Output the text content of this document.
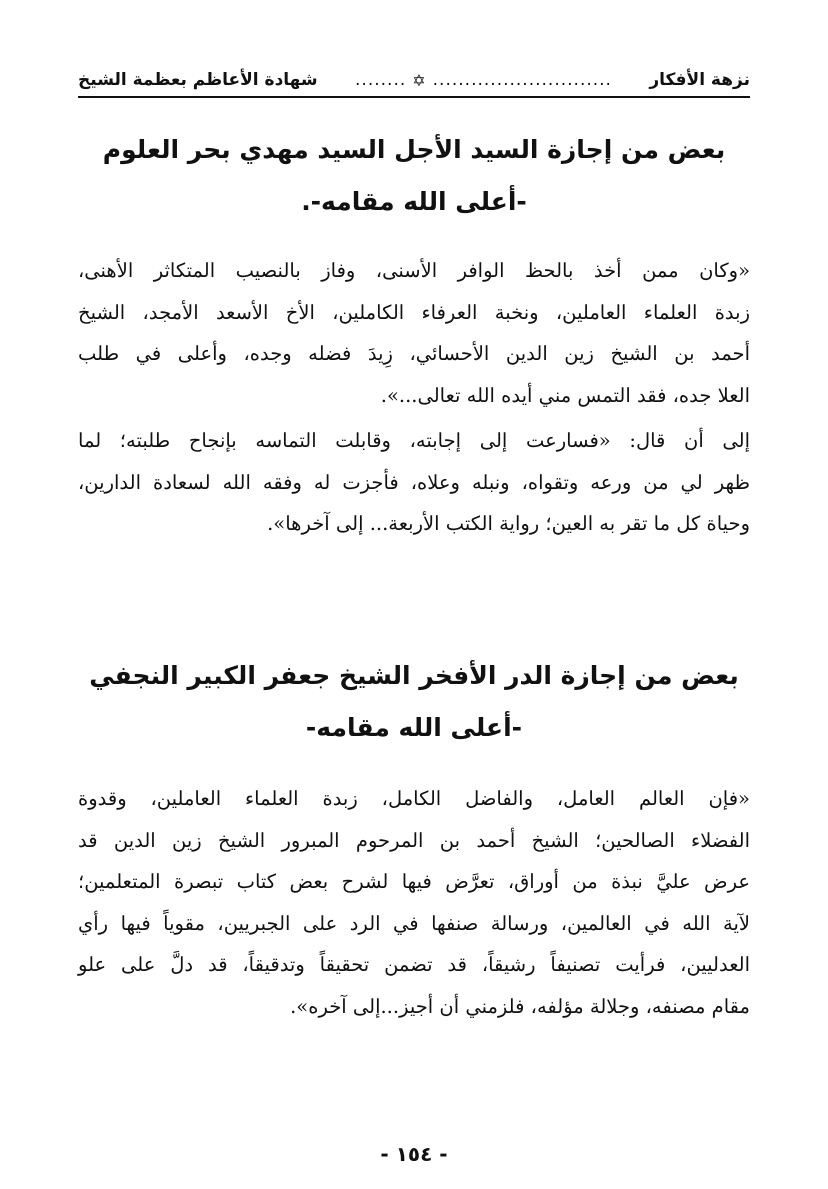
نزهة الأفكار
............................
✡
........
شهادة الأعاظم بعظمة الشيخ
بعض من إجازة السيد الأجل السيد مهدي بحر العلوم
-أعلى الله مقامه-.

«وكان ممن أخذ بالحظ الوافر الأسنى، وفاز بالنصيب المتكاثر الأهنى،
زبدة العلماء العاملين، ونخبة العرفاء الكاملين، الأخ الأسعد الأمجد، الشيخ
أحمد بن الشيخ زين الدين الأحسائي، زِيدَ فضله وجده، وأعلى في طلب
العلا جده، فقد التمس مني أيده الله تعالى...».

إلى أن قال: «فسارعت إلى إجابته، وقابلت التماسه بإنجاح طلبته؛ لما
ظهر لي من ورعه وتقواه، ونبله وعلاه، فأجزت له وفقه الله لسعادة الدارين،
وحياة كل ما تقر به العين؛ رواية الكتب الأربعة... إلى آخرها».

بعض من إجازة الدر الأفخر الشيخ جعفر الكبير النجفي
-أعلى الله مقامه-

«فإن العالم العامل، والفاضل الكامل، زبدة العلماء العاملين، وقدوة
الفضلاء الصالحين؛ الشيخ أحمد بن المرحوم المبرور الشيخ زين الدين قد
عرض عليَّ نبذة من أوراق، تعرَّض فيها لشرح بعض كتاب تبصرة المتعلمين؛
لآية الله في العالمين، ورسالة صنفها في الرد على الجبريين، مقوياً فيها رأي
العدليين، فرأيت تصنيفاً رشيقاً، قد تضمن تحقيقاً وتدقيقاً، قد دلَّ على علو
مقام مصنفه، وجلالة مؤلفه، فلزمني أن أجيز...إلى آخره».

- ١٥٤ -
